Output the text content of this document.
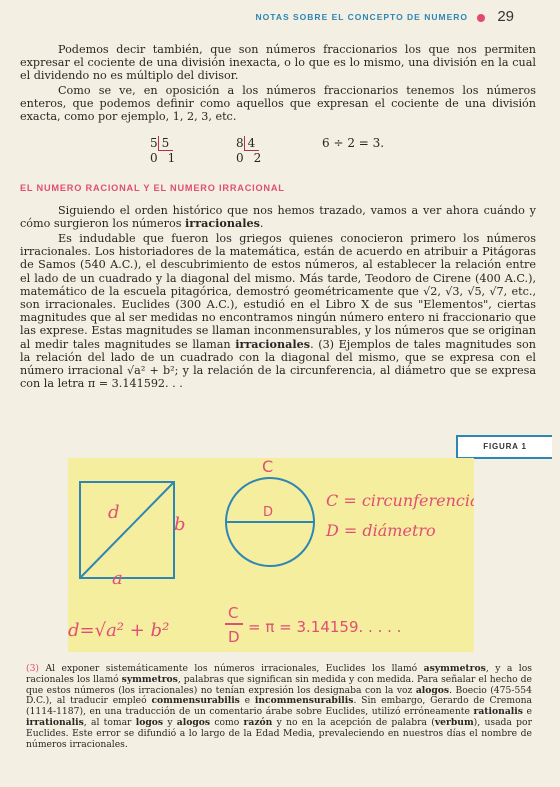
NOTAS SOBRE EL CONCEPTO DE NUMERO 29

Podemos decir también, que son números fraccionarios los que nos permiten expresar el cociente de una división inexacta, o lo que es lo mismo, una división en la cual el dividendo no es múltiplo del divisor.

Como se ve, en oposición a los números fraccionarios tenemos los números enteros, que podemos definir como aquellos que expresan el cociente de una división exacta, como por ejemplo, 1, 2, 3, etc.

5 5
0 1
8 4
0 2
6 ÷ 2 = 3.
EL NUMERO RACIONAL Y EL NUMERO IRRACIONAL

Siguiendo el orden histórico que nos hemos trazado, vamos a ver ahora cuándo y cómo surgieron los números irracionales.

Es indudable que fueron los griegos quienes conocieron primero los números irracionales. Los historiadores de la matemática, están de acuerdo en atribuir a Pitágoras de Samos (540 A.C.), el descubrimiento de estos números, al establecer la relación entre el lado de un cuadrado y la diagonal del mismo. Más tarde, Teodoro de Cirene (400 A.C.), matemático de la escuela pitagórica, demostró geométricamente que √2, √3, √5, √7, etc., son irracionales. Euclides (300 A.C.), estudió en el Libro X de sus "Elementos", ciertas magnitudes que al ser medidas no encontramos ningún número entero ni fraccionario que las exprese. Estas magnitudes se llaman inconmensurables, y los números que se originan al medir tales magnitudes se llaman irracionales. (3) Ejemplos de tales magnitudes son la relación del lado de un cuadrado con la diagonal del mismo, que se expresa con el número irracional √a² + b²; y la relación de la circunferencia, al diámetro que se expresa con la letra π = 3.141592. . .

FIGURA 1
d
b
a
C
D
C = circunferencia
D = diámetro
d=√a² + b²
C
D
= π = 3.14159. . . . .

(3) Al exponer sistemáticamente los números irracionales, Euclides los llamó asymmetros, y a los racionales los llamó symmetros, palabras que significan sin medida y con medida. Para señalar el hecho de que estos números (los irracionales) no tenían expresión los designaba con la voz alogos. Boecio (475-554 D.C.), al traducir empleó commensurabilis e incommensurabilis. Sin embargo, Gerardo de Cremona (1114-1187), en una traducción de un comentario árabe sobre Euclides, utilizó erróneamente rationalis e irrationalis, al tomar logos y alogos como razón y no en la acepción de palabra (verbum), usada por Euclides. Este error se difundió a lo largo de la Edad Media, prevaleciendo en nuestros días el nombre de números irracionales.
